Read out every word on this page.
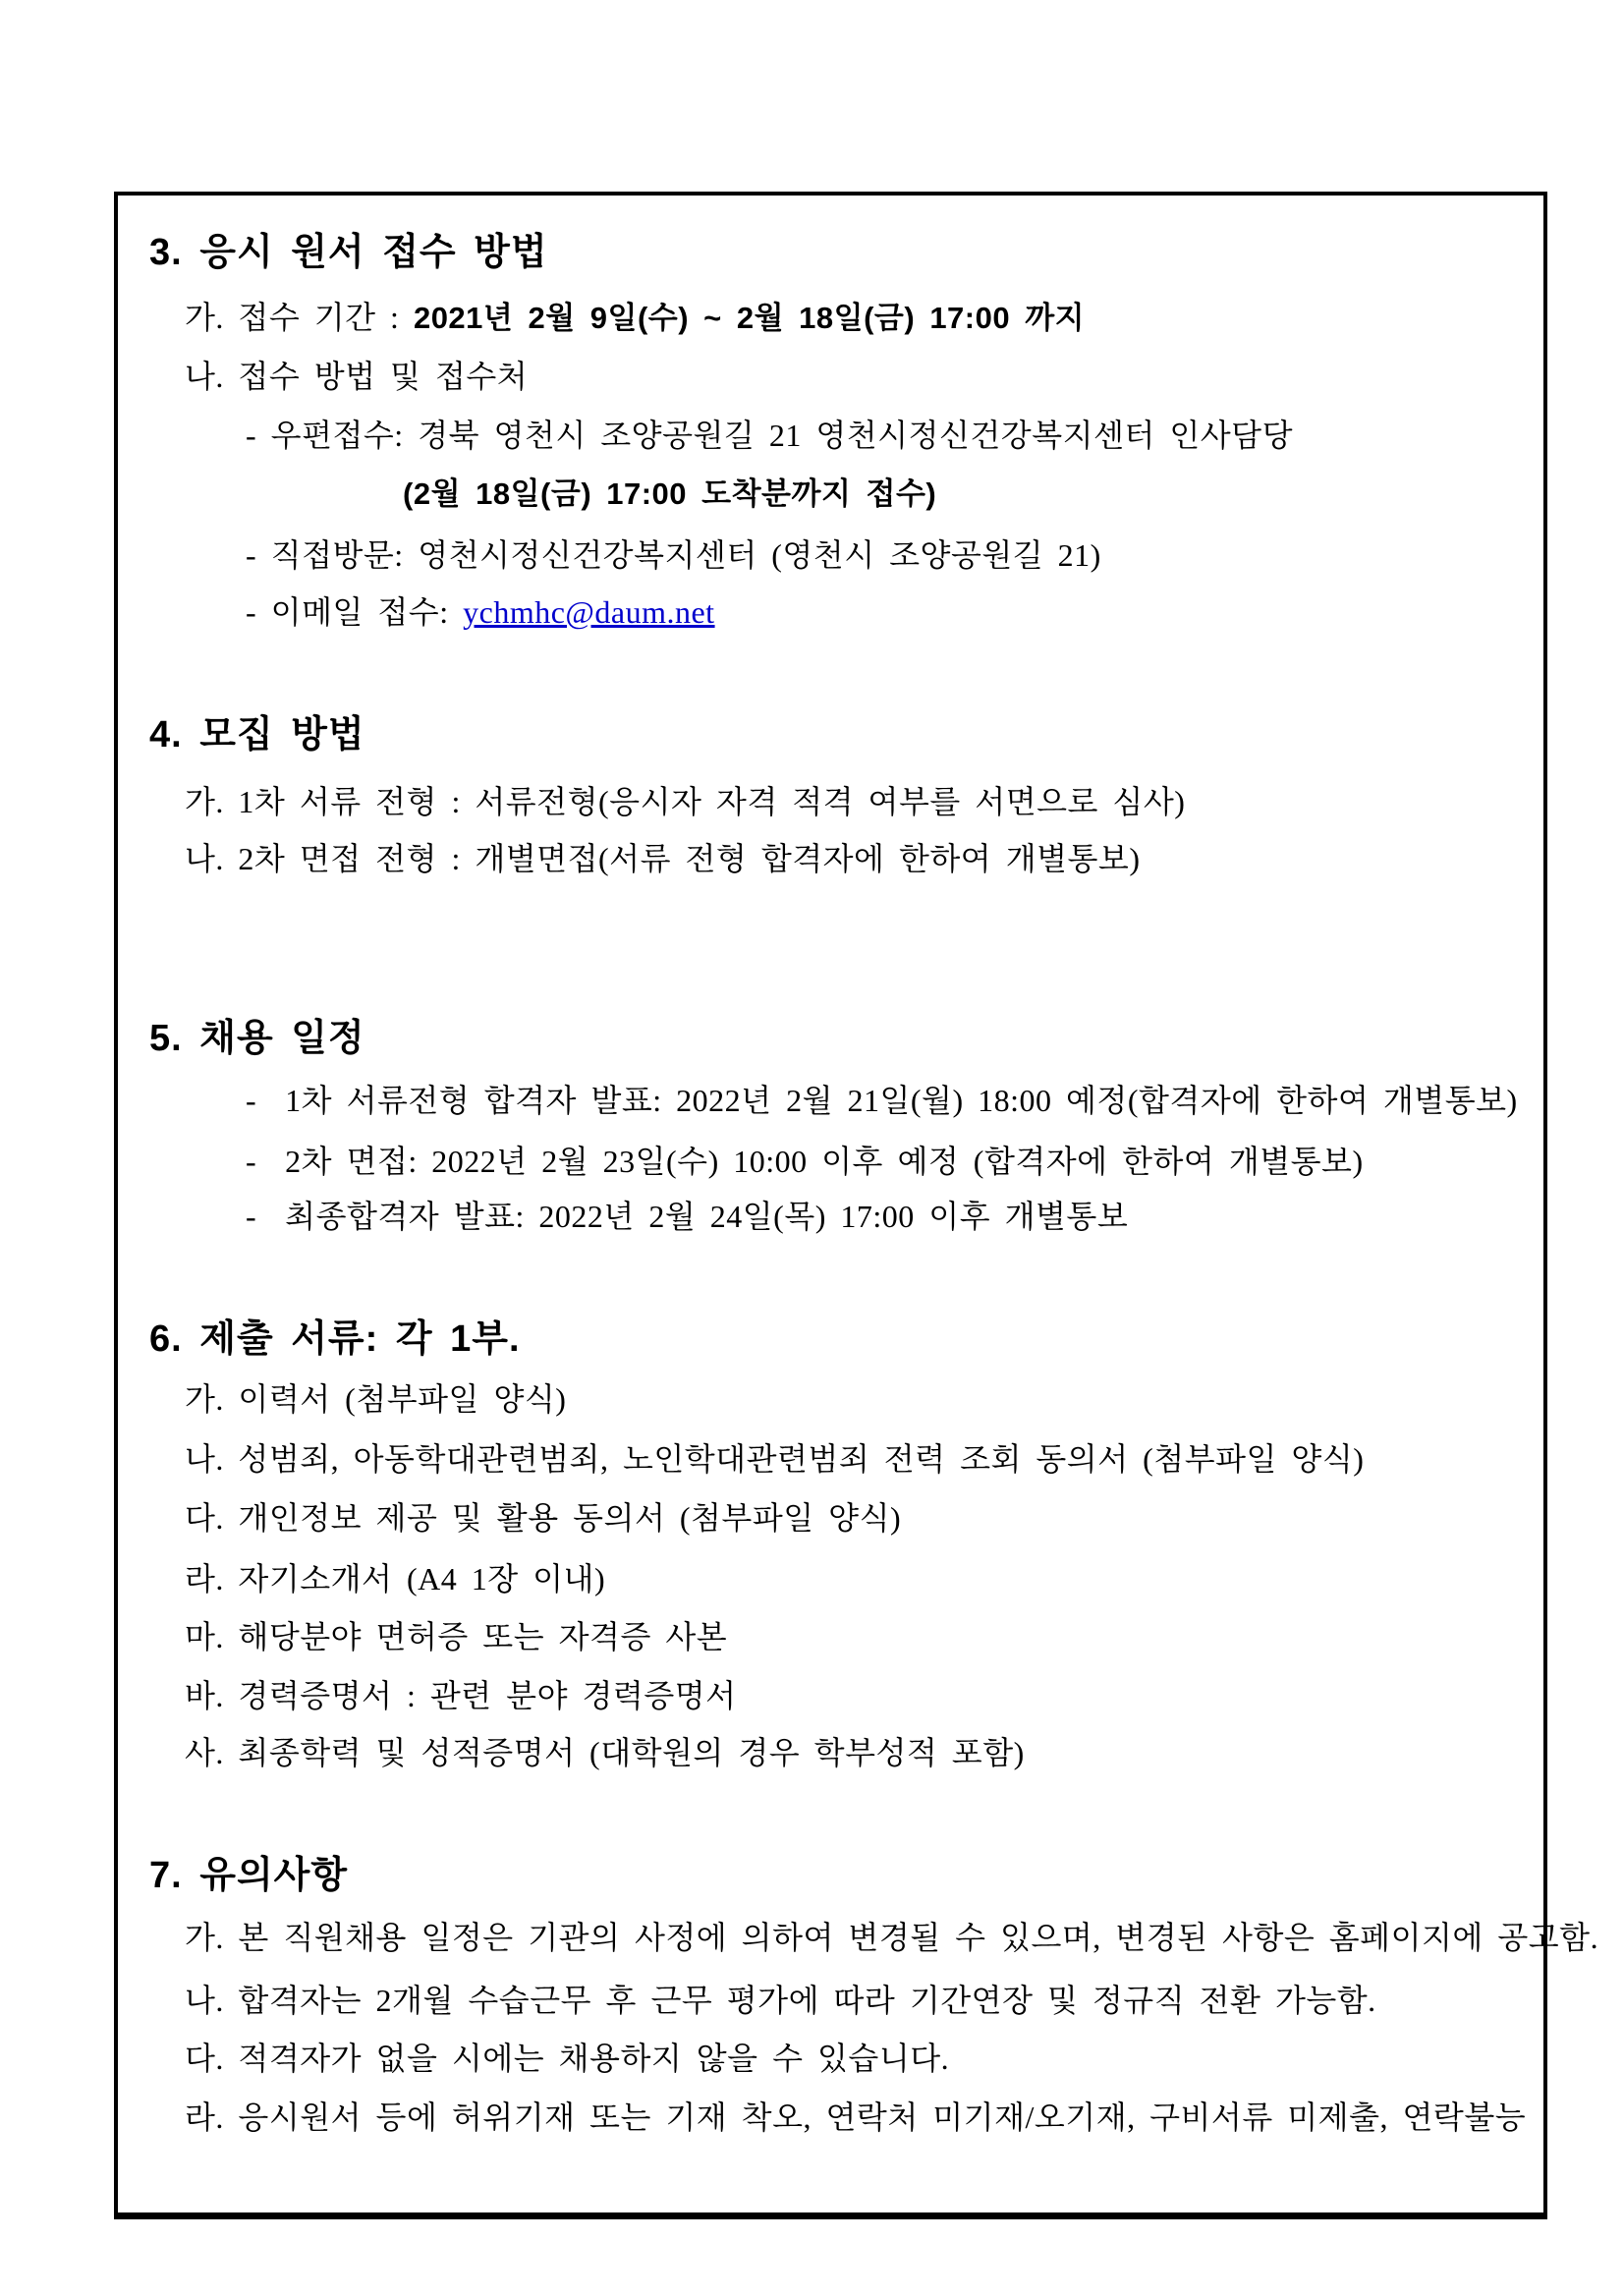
3. 응시 원서 접수 방법
가. 접수 기간 : 2021년 2월 9일(수) ~ 2월 18일(금) 17:00 까지
나. 접수 방법 및 접수처
- 우편접수: 경북 영천시 조양공원길 21 영천시정신건강복지센터 인사담당
(2월 18일(금) 17:00 도착분까지 접수)
- 직접방문: 영천시정신건강복지센터 (영천시 조양공원길 21)
- 이메일 접수: ychmhc@daum.net
4. 모집 방법
가. 1차 서류 전형 : 서류전형(응시자 자격 적격 여부를 서면으로 심사)
나. 2차 면접 전형 : 개별면접(서류 전형 합격자에 한하여 개별통보)
5. 채용 일정
-  1차 서류전형 합격자 발표: 2022년 2월 21일(월) 18:00 예정(합격자에 한하여 개별통보)
-  2차 면접: 2022년 2월 23일(수) 10:00 이후 예정 (합격자에 한하여 개별통보)
-  최종합격자 발표: 2022년 2월 24일(목) 17:00 이후 개별통보
6. 제출 서류: 각 1부.
가. 이력서 (첨부파일 양식)
나. 성범죄, 아동학대관련범죄, 노인학대관련범죄 전력 조회 동의서 (첨부파일 양식)
다. 개인정보 제공 및 활용 동의서 (첨부파일 양식)
라. 자기소개서 (A4 1장 이내)
마. 해당분야 면허증 또는 자격증 사본
바. 경력증명서 : 관련 분야 경력증명서
사. 최종학력 및 성적증명서 (대학원의 경우 학부성적 포함)
7. 유의사항
가. 본 직원채용 일정은 기관의 사정에 의하여 변경될 수 있으며, 변경된 사항은 홈페이지에 공고함.
나. 합격자는 2개월 수습근무 후 근무 평가에 따라 기간연장 및 정규직 전환 가능함.
다. 적격자가 없을 시에는 채용하지 않을 수 있습니다.
라. 응시원서 등에 허위기재 또는 기재 착오, 연락처 미기재/오기재, 구비서류 미제출, 연락불능
